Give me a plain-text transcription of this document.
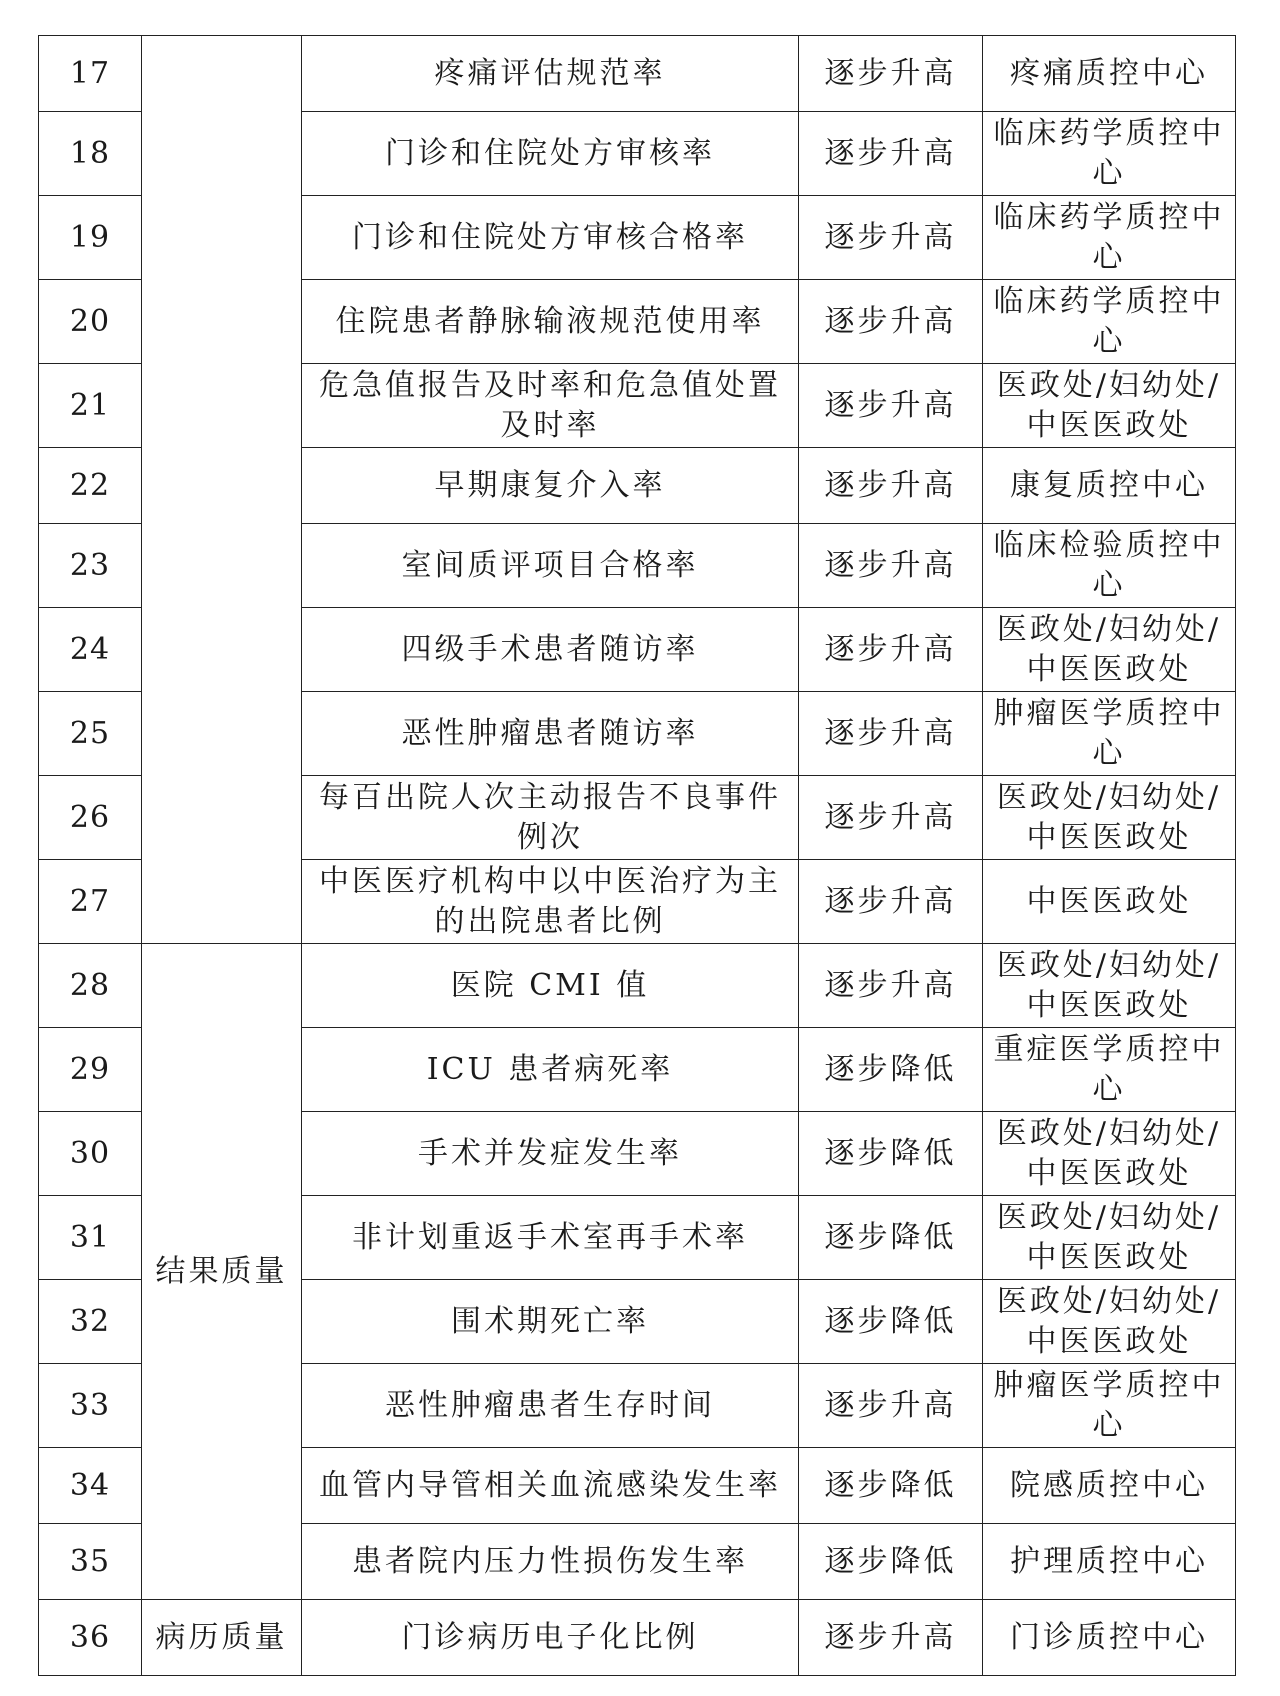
17		疼痛评估规范率	逐步升高	疼痛质控中心
18		门诊和住院处方审核率	逐步升高	临床药学质控中心
19		门诊和住院处方审核合格率	逐步升高	临床药学质控中心
20		住院患者静脉输液规范使用率	逐步升高	临床药学质控中心
21		危急值报告及时率和危急值处置及时率	逐步升高	医政处/妇幼处/中医医政处
22		早期康复介入率	逐步升高	康复质控中心
23		室间质评项目合格率	逐步升高	临床检验质控中心
24		四级手术患者随访率	逐步升高	医政处/妇幼处/中医医政处
25		恶性肿瘤患者随访率	逐步升高	肿瘤医学质控中心
26		每百出院人次主动报告不良事件例次	逐步升高	医政处/妇幼处/中医医政处
27		中医医疗机构中以中医治疗为主的出院患者比例	逐步升高	中医医政处
28	结果质量	医院 CMI 值	逐步升高	医政处/妇幼处/中医医政处
29		ICU 患者病死率	逐步降低	重症医学质控中心
30		手术并发症发生率	逐步降低	医政处/妇幼处/中医医政处
31		非计划重返手术室再手术率	逐步降低	医政处/妇幼处/中医医政处
32		围术期死亡率	逐步降低	医政处/妇幼处/中医医政处
33		恶性肿瘤患者生存时间	逐步升高	肿瘤医学质控中心
34		血管内导管相关血流感染发生率	逐步降低	院感质控中心
35		患者院内压力性损伤发生率	逐步降低	护理质控中心
36	病历质量	门诊病历电子化比例	逐步升高	门诊质控中心
